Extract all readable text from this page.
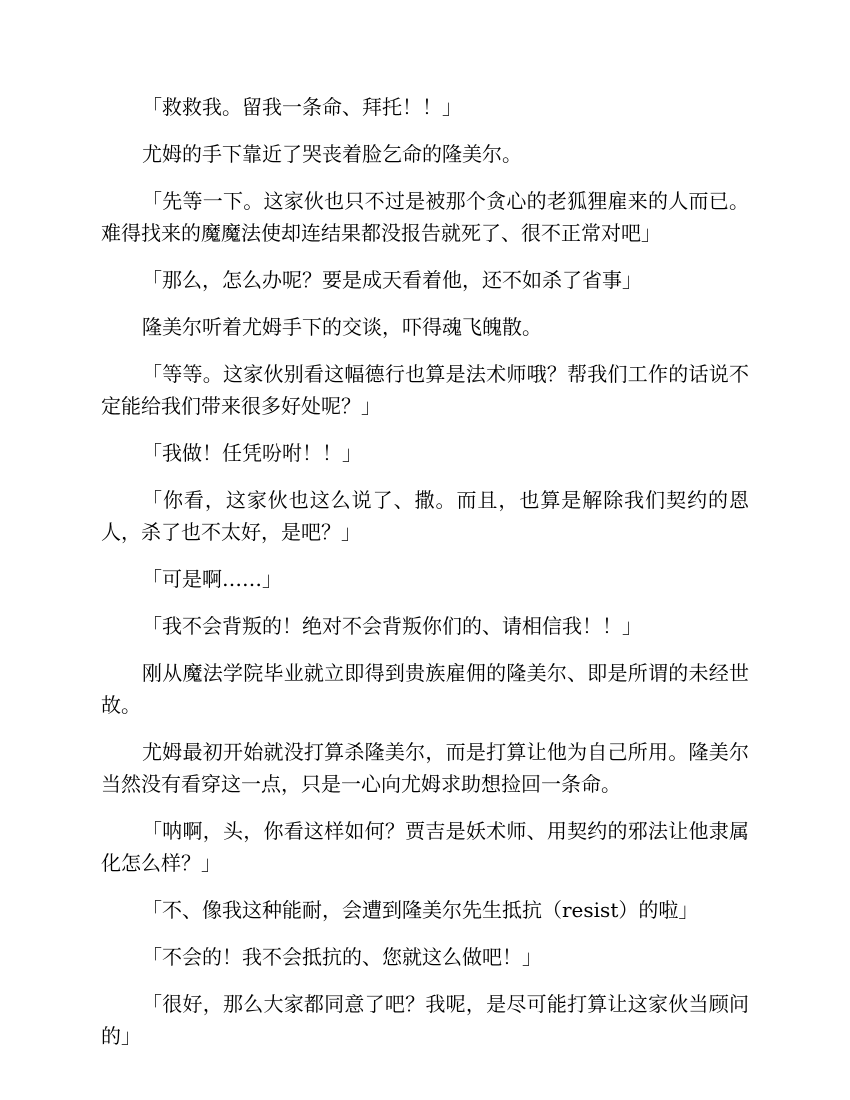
「救救我。留我一条命、拜托！！」

尤姆的手下靠近了哭丧着脸乞命的隆美尔。

「先等一下。这家伙也只不过是被那个贪心的老狐狸雇来的人而已。难得找来的魔魔法使却连结果都没报告就死了、很不正常对吧」

「那么，怎么办呢？要是成天看着他，还不如杀了省事」

隆美尔听着尤姆手下的交谈，吓得魂飞魄散。

「等等。这家伙别看这幅德行也算是法术师哦？帮我们工作的话说不定能给我们带来很多好处呢？」

「我做！任凭吩咐！！」

「你看，这家伙也这么说了、撒。而且，也算是解除我们契约的恩人，杀了也不太好，是吧？」

「可是啊……」

「我不会背叛的！绝对不会背叛你们的、请相信我！！」

刚从魔法学院毕业就立即得到贵族雇佣的隆美尔、即是所谓的未经世故。

尤姆最初开始就没打算杀隆美尔，而是打算让他为自己所用。隆美尔当然没有看穿这一点，只是一心向尤姆求助想捡回一条命。

「呐啊，头，你看这样如何？贾吉是妖术师、用契约的邪法让他隶属化怎么样？」

「不、像我这种能耐，会遭到隆美尔先生抵抗（resist）的啦」

「不会的！我不会抵抗的、您就这么做吧！」

「很好，那么大家都同意了吧？我呢，是尽可能打算让这家伙当顾问的」
